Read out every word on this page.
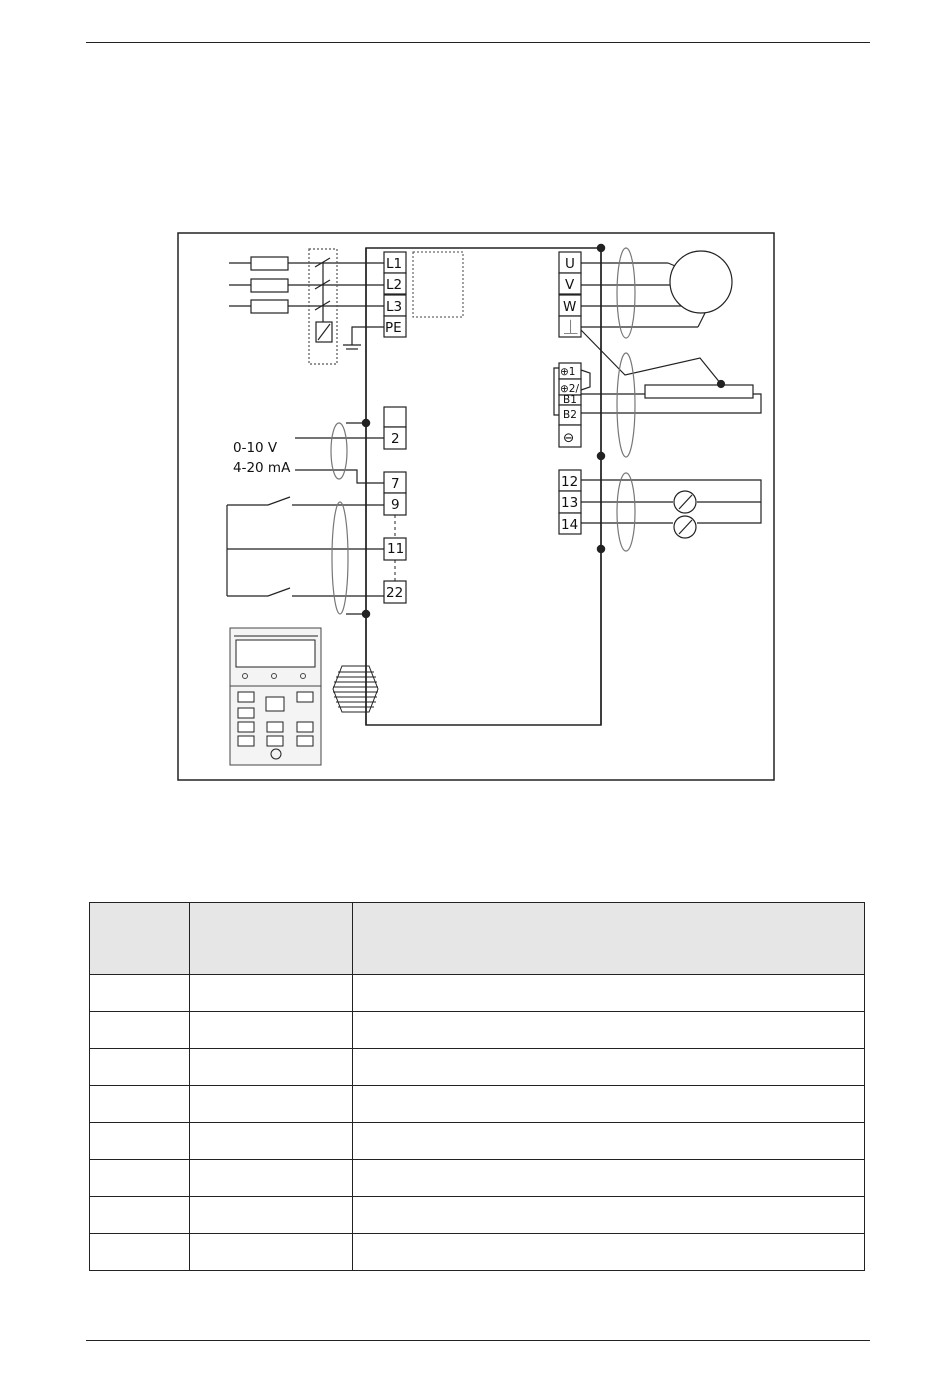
L1
L2
L3
PE
U
V
W
⏊
⊕1
⊕2/
B1
B2
⊖
12
13
14
2
7
9
11
22
0-10 V
4-20 mA
